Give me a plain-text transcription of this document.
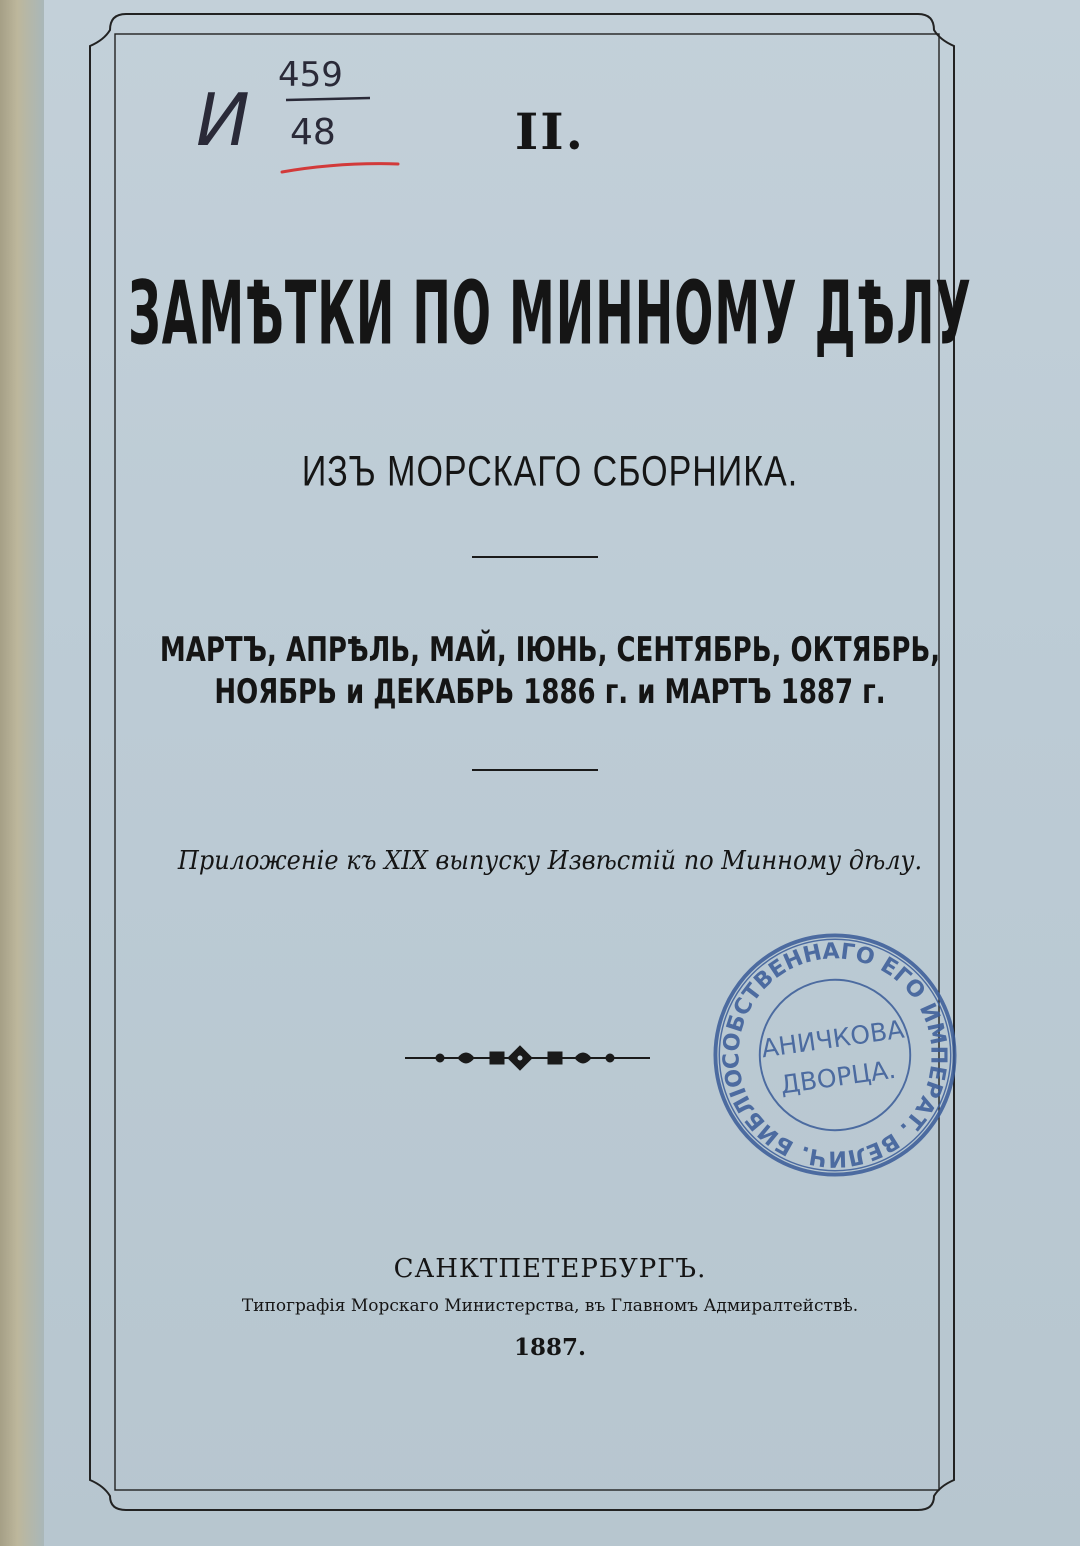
И
459
48	II.
ЗАМѢТКИ ПО МИННОМУ ДѢЛУ
ИЗЪ МОРСКАГО СБОРНИКА.
МАРТЪ, АПРѢЛЬ, МАЙ, ІЮНЬ, СЕНТЯБРЬ, ОКТЯБРЬ,
НОЯБРЬ и ДЕКАБРЬ 1886 г. и МАРТЪ 1887 г.
Приложеніе къ XIX выпуску Извѣстій по Минному дѣлу.
СОБСТВЕННАГО ЕГО ИМПЕРАТ. ВЕЛИЧ. БИБЛІОТЕКА
АНИЧКОВА
ДВОРЦА.
САНКТПЕТЕРБУРГЪ.
Типографія Морскаго Министерства, въ Главномъ Адмиралтействѣ.
1887.
